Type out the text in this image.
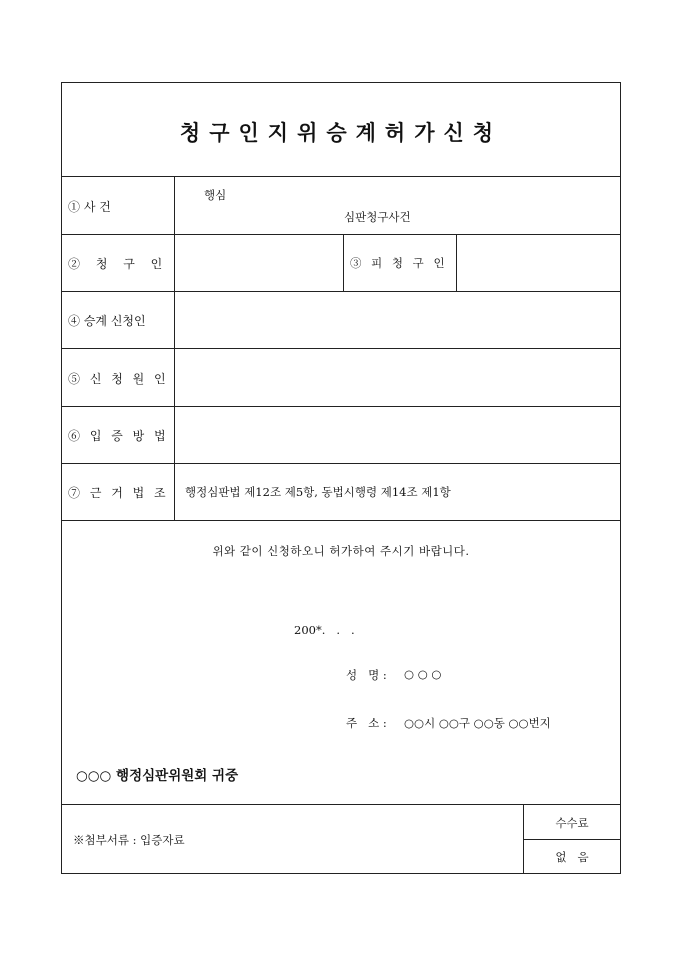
청구인지위승계허가신청
① 사 건
행심
심판청구사건
② 청 구 인	③ 피 청 구 인
④ 승계 신청인
⑤ 신 청 원 인
⑥ 입 증 방 법
⑦ 근 거 법 조 행정심판법 제12조 제5항, 동법시행령 제14조 제1항
위와 같이 신청하오니 허가하여 주시기 바랍니다.
200*.   .   .
성   명 : ○ ○ ○
주   소 : ○○시 ○○구 ○○동 ○○번지
○○○ 행정심판위원회 귀중
※첨부서류 : 입증자료
수수료
없   음
